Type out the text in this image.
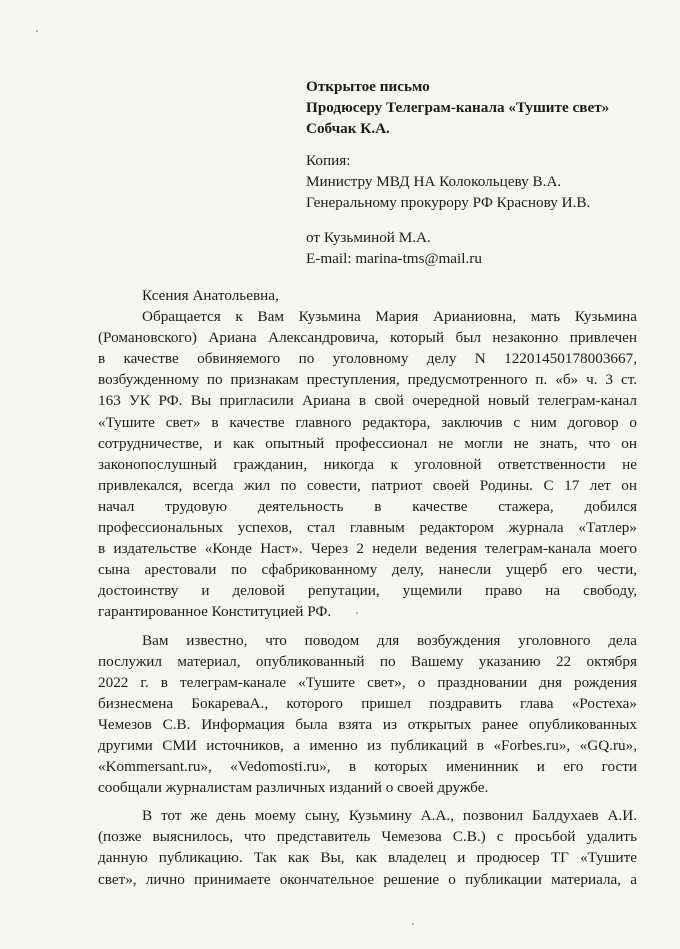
Открытое письмо
Продюсеру Телеграм-канала «Тушите свет»
Собчак К.А.
Копия:
Министру МВД НА Колокольцеву В.А.
Генеральному прокурору РФ Краснову И.В.
от Кузьминой М.А.
E-mail: marina-tms@mail.ru
Ксения Анатольевна,
Обращается к Вам Кузьмина Мария Арианиовна, мать Кузьмина
(Романовского) Ариана Александровича, который был незаконно привлечен
в качестве обвиняемого по уголовному делу N 12201450178003667,
возбужденному по признакам преступления, предусмотренного п. «б» ч. 3 ст.
163 УК РФ. Вы пригласили Ариана в свой очередной новый телеграм-канал
«Тушите свет» в качестве главного редактора, заключив с ним договор о
сотрудничестве, и как опытный профессионал не могли не знать, что он
законопослушный гражданин, никогда к уголовной ответственности не
привлекался, всегда жил по совести, патриот своей Родины. С 17 лет он
начал трудовую деятельность в качестве стажера, добился
профессиональных успехов, стал главным редактором журнала «Татлер»
в издательстве «Конде Наст». Через 2 недели ведения телеграм-канала моего
сына арестовали по сфабрикованному делу, нанесли ущерб его чести,
достоинству и деловой репутации, ущемили право на свободу,
гарантированное Конституцией РФ.
Вам известно, что поводом для возбуждения уголовного дела
послужил материал, опубликованный по Вашему указанию 22 октября
2022 г. в телеграм-канале «Тушите свет», о праздновании дня рождения
бизнесмена БокареваА., которого пришел поздравить глава «Ростеха»
Чемезов С.В. Информация была взята из открытых ранее опубликованных
другими СМИ источников, а именно из публикаций в «Forbes.ru», «GQ.ru»,
«Kommersant.ru», «Vedomosti.ru», в которых именинник и его гости
сообщали журналистам различных изданий о своей дружбе.
В тот же день моему сыну, Кузьмину А.А., позвонил Балдухаев А.И.
(позже выяснилось, что представитель Чемезова С.В.) с просьбой удалить
данную публикацию. Так как Вы, как владелец и продюсер ТГ «Тушите
свет», лично принимаете окончательное решение о публикации материала, а
